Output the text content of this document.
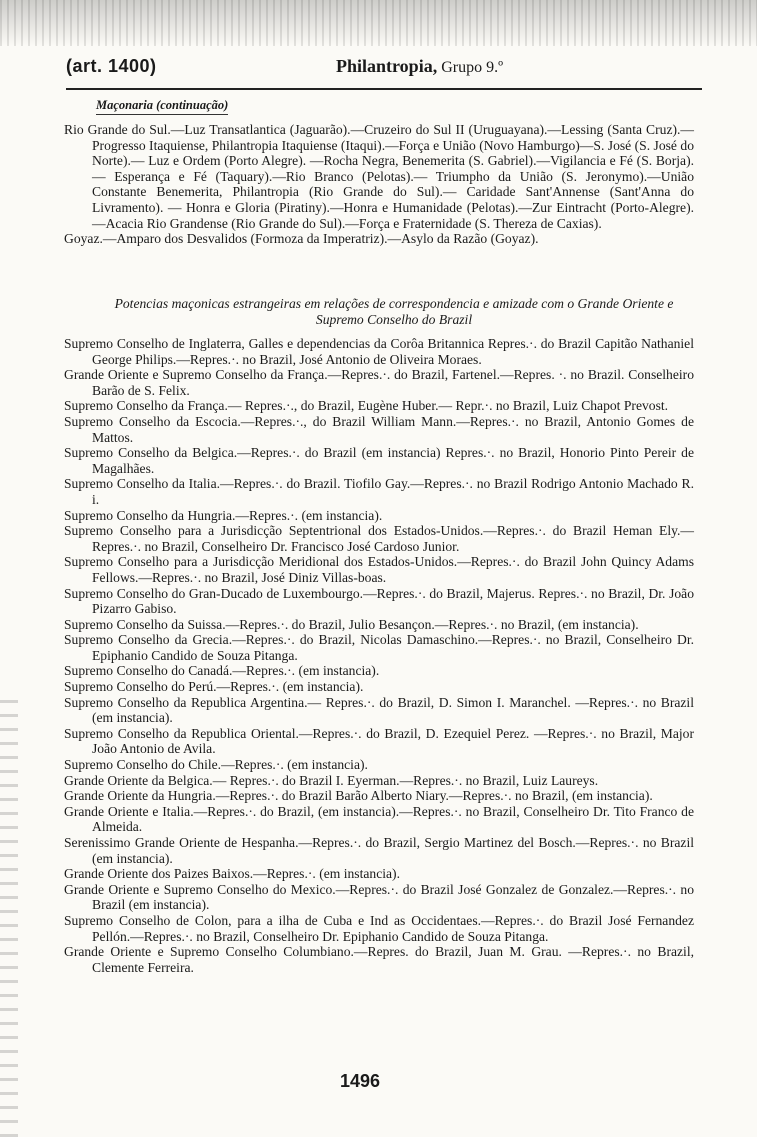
(art. 1400)	Philantropia, Grupo 9.º
Maçonaria (continuação)

Rio Grande do Sul.—Luz Transatlantica (Jaguarão).—Cruzeiro do Sul II (Uruguayana).—Lessing (Santa Cruz).—Progresso Itaquiense, Philantropia Itaquiense (Itaqui).—Força e União (Novo Hamburgo)—S. José (S. José do Norte).— Luz e Ordem (Porto Alegre). —Rocha Negra, Benemerita (S. Gabriel).—Vigilancia e Fé (S. Borja). — Esperança e Fé (Taquary).—Rio Branco (Pelotas).— Triumpho da União (S. Jeronymo).—União Constante Benemerita, Philantropia (Rio Grande do Sul).— Caridade Sant'Annense (Sant'Anna do Livramento). — Honra e Gloria (Piratiny).—Honra e Humanidade (Pelotas).—Zur Eintracht (Porto-Alegre).—Acacia Rio Grandense (Rio Grande do Sul).—Força e Fraternidade (S. Thereza de Caxias).

Goyaz.—Amparo dos Desvalidos (Formoza da Imperatriz).—Asylo da Razão (Goyaz).

Potencias maçonicas estrangeiras em relações de correspondencia e amizade com o Grande Oriente e Supremo Conselho do Brazil

Supremo Conselho de Inglaterra, Galles e dependencias da Corôa Britannica Repres.·. do Brazil Capitão Nathaniel George Philips.—Repres.·. no Brazil, José Antonio de Oliveira Moraes.

Grande Oriente e Supremo Conselho da França.—Repres.·. do Brazil, Fartenel.—Repres. ·. no Brazil. Conselheiro Barão de S. Felix.

Supremo Conselho da França.— Repres.·., do Brazil, Eugène Huber.— Repr.·. no Brazil, Luiz Chapot Prevost.

Supremo Conselho da Escocia.—Repres.·., do Brazil William Mann.—Repres.·. no Brazil, Antonio Gomes de Mattos.

Supremo Conselho da Belgica.—Repres.·. do Brazil (em instancia) Repres.·. no Brazil, Honorio Pinto Pereir de Magalhães.

Supremo Conselho da Italia.—Repres.·. do Brazil. Tiofilo Gay.—Repres.·. no Brazil Rodrigo Antonio Machado R. i.

Supremo Conselho da Hungria.—Repres.·. (em instancia).

Supremo Conselho para a Jurisdicção Septentrional dos Estados-Unidos.—Repres.·. do Brazil Heman Ely.—Repres.·. no Brazil, Conselheiro Dr. Francisco José Cardoso Junior.

Supremo Conselho para a Jurisdicção Meridional dos Estados-Unidos.—Repres.·. do Brazil John Quincy Adams Fellows.—Repres.·. no Brazil, José Diniz Villas-boas.

Supremo Conselho do Gran-Ducado de Luxembourgo.—Repres.·. do Brazil, Majerus. Repres.·. no Brazil, Dr. João Pizarro Gabiso.

Supremo Conselho da Suissa.—Repres.·. do Brazil, Julio Besançon.—Repres.·. no Brazil, (em instancia).

Supremo Conselho da Grecia.—Repres.·. do Brazil, Nicolas Damaschino.—Repres.·. no Brazil, Conselheiro Dr. Epiphanio Candido de Souza Pitanga.

Supremo Conselho do Canadá.—Repres.·. (em instancia).

Supremo Conselho do Perú.—Repres.·. (em instancia).

Supremo Conselho da Republica Argentina.— Repres.·. do Brazil, D. Simon I. Maranchel. —Repres.·. no Brazil (em instancia).

Supremo Conselho da Republica Oriental.—Repres.·. do Brazil, D. Ezequiel Perez. —Repres.·. no Brazil, Major João Antonio de Avila.

Supremo Conselho do Chile.—Repres.·. (em instancia).

Grande Oriente da Belgica.— Repres.·. do Brazil I. Eyerman.—Repres.·. no Brazil, Luiz Laureys.

Grande Oriente da Hungria.—Repres.·. do Brazil Barão Alberto Niary.—Repres.·. no Brazil, (em instancia).

Grande Oriente e Italia.—Repres.·. do Brazil, (em instancia).—Repres.·. no Brazil, Conselheiro Dr. Tito Franco de Almeida.

Serenissimo Grande Oriente de Hespanha.—Repres.·. do Brazil, Sergio Martinez del Bosch.—Repres.·. no Brazil (em instancia).

Grande Oriente dos Paizes Baixos.—Repres.·. (em instancia).

Grande Oriente e Supremo Conselho do Mexico.—Repres.·. do Brazil José Gonzalez de Gonzalez.—Repres.·. no Brazil (em instancia).

Supremo Conselho de Colon, para a ilha de Cuba e Ind as Occidentaes.—Repres.·. do Brazil José Fernandez Pellón.—Repres.·. no Brazil, Conselheiro Dr. Epiphanio Candido de Souza Pitanga.

Grande Oriente e Supremo Conselho Columbiano.—Repres. do Brazil, Juan M. Grau. —Repres.·. no Brazil, Clemente Ferreira.

1496
